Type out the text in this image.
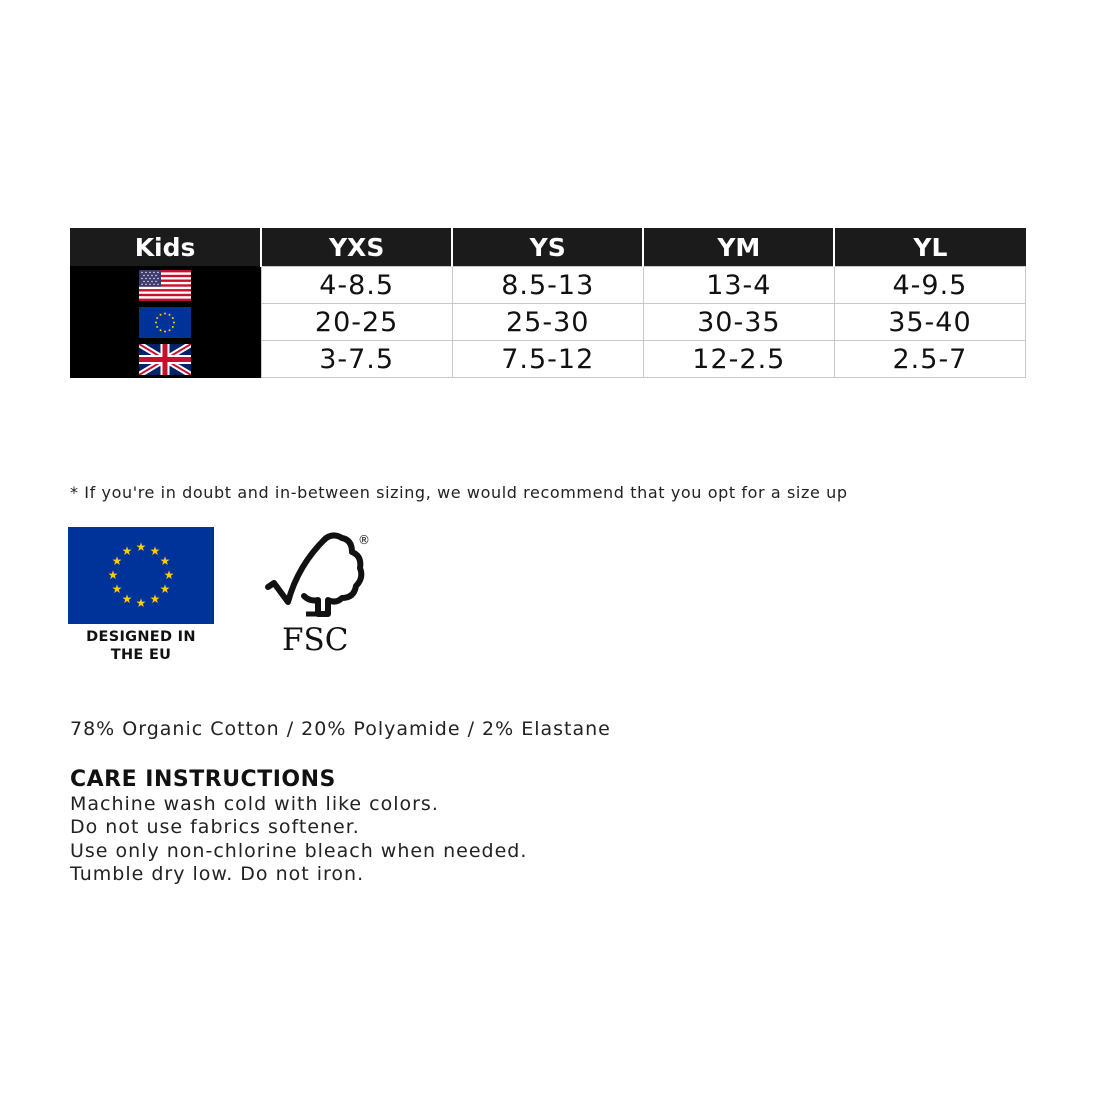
Kids	YXS	YS	YM	YL
	4-8.5	8.5-13	13-4	4-9.5
	20-25	25-30	30-35	35-40
	3-7.5	7.5-12	12-2.5	2.5-7
* If you're in doubt and in-between sizing, we would recommend that you opt for a size up
★ ★
★
★
★
★
★
★
★
★
★
★
DESIGNED IN
THE EU
®
FSC
78% Organic Cotton / 20% Polyamide / 2% Elastane
CARE INSTRUCTIONS
Machine wash cold with like colors.
Do not use fabrics softener.
Use only non-chlorine bleach when needed.
Tumble dry low. Do not iron.
